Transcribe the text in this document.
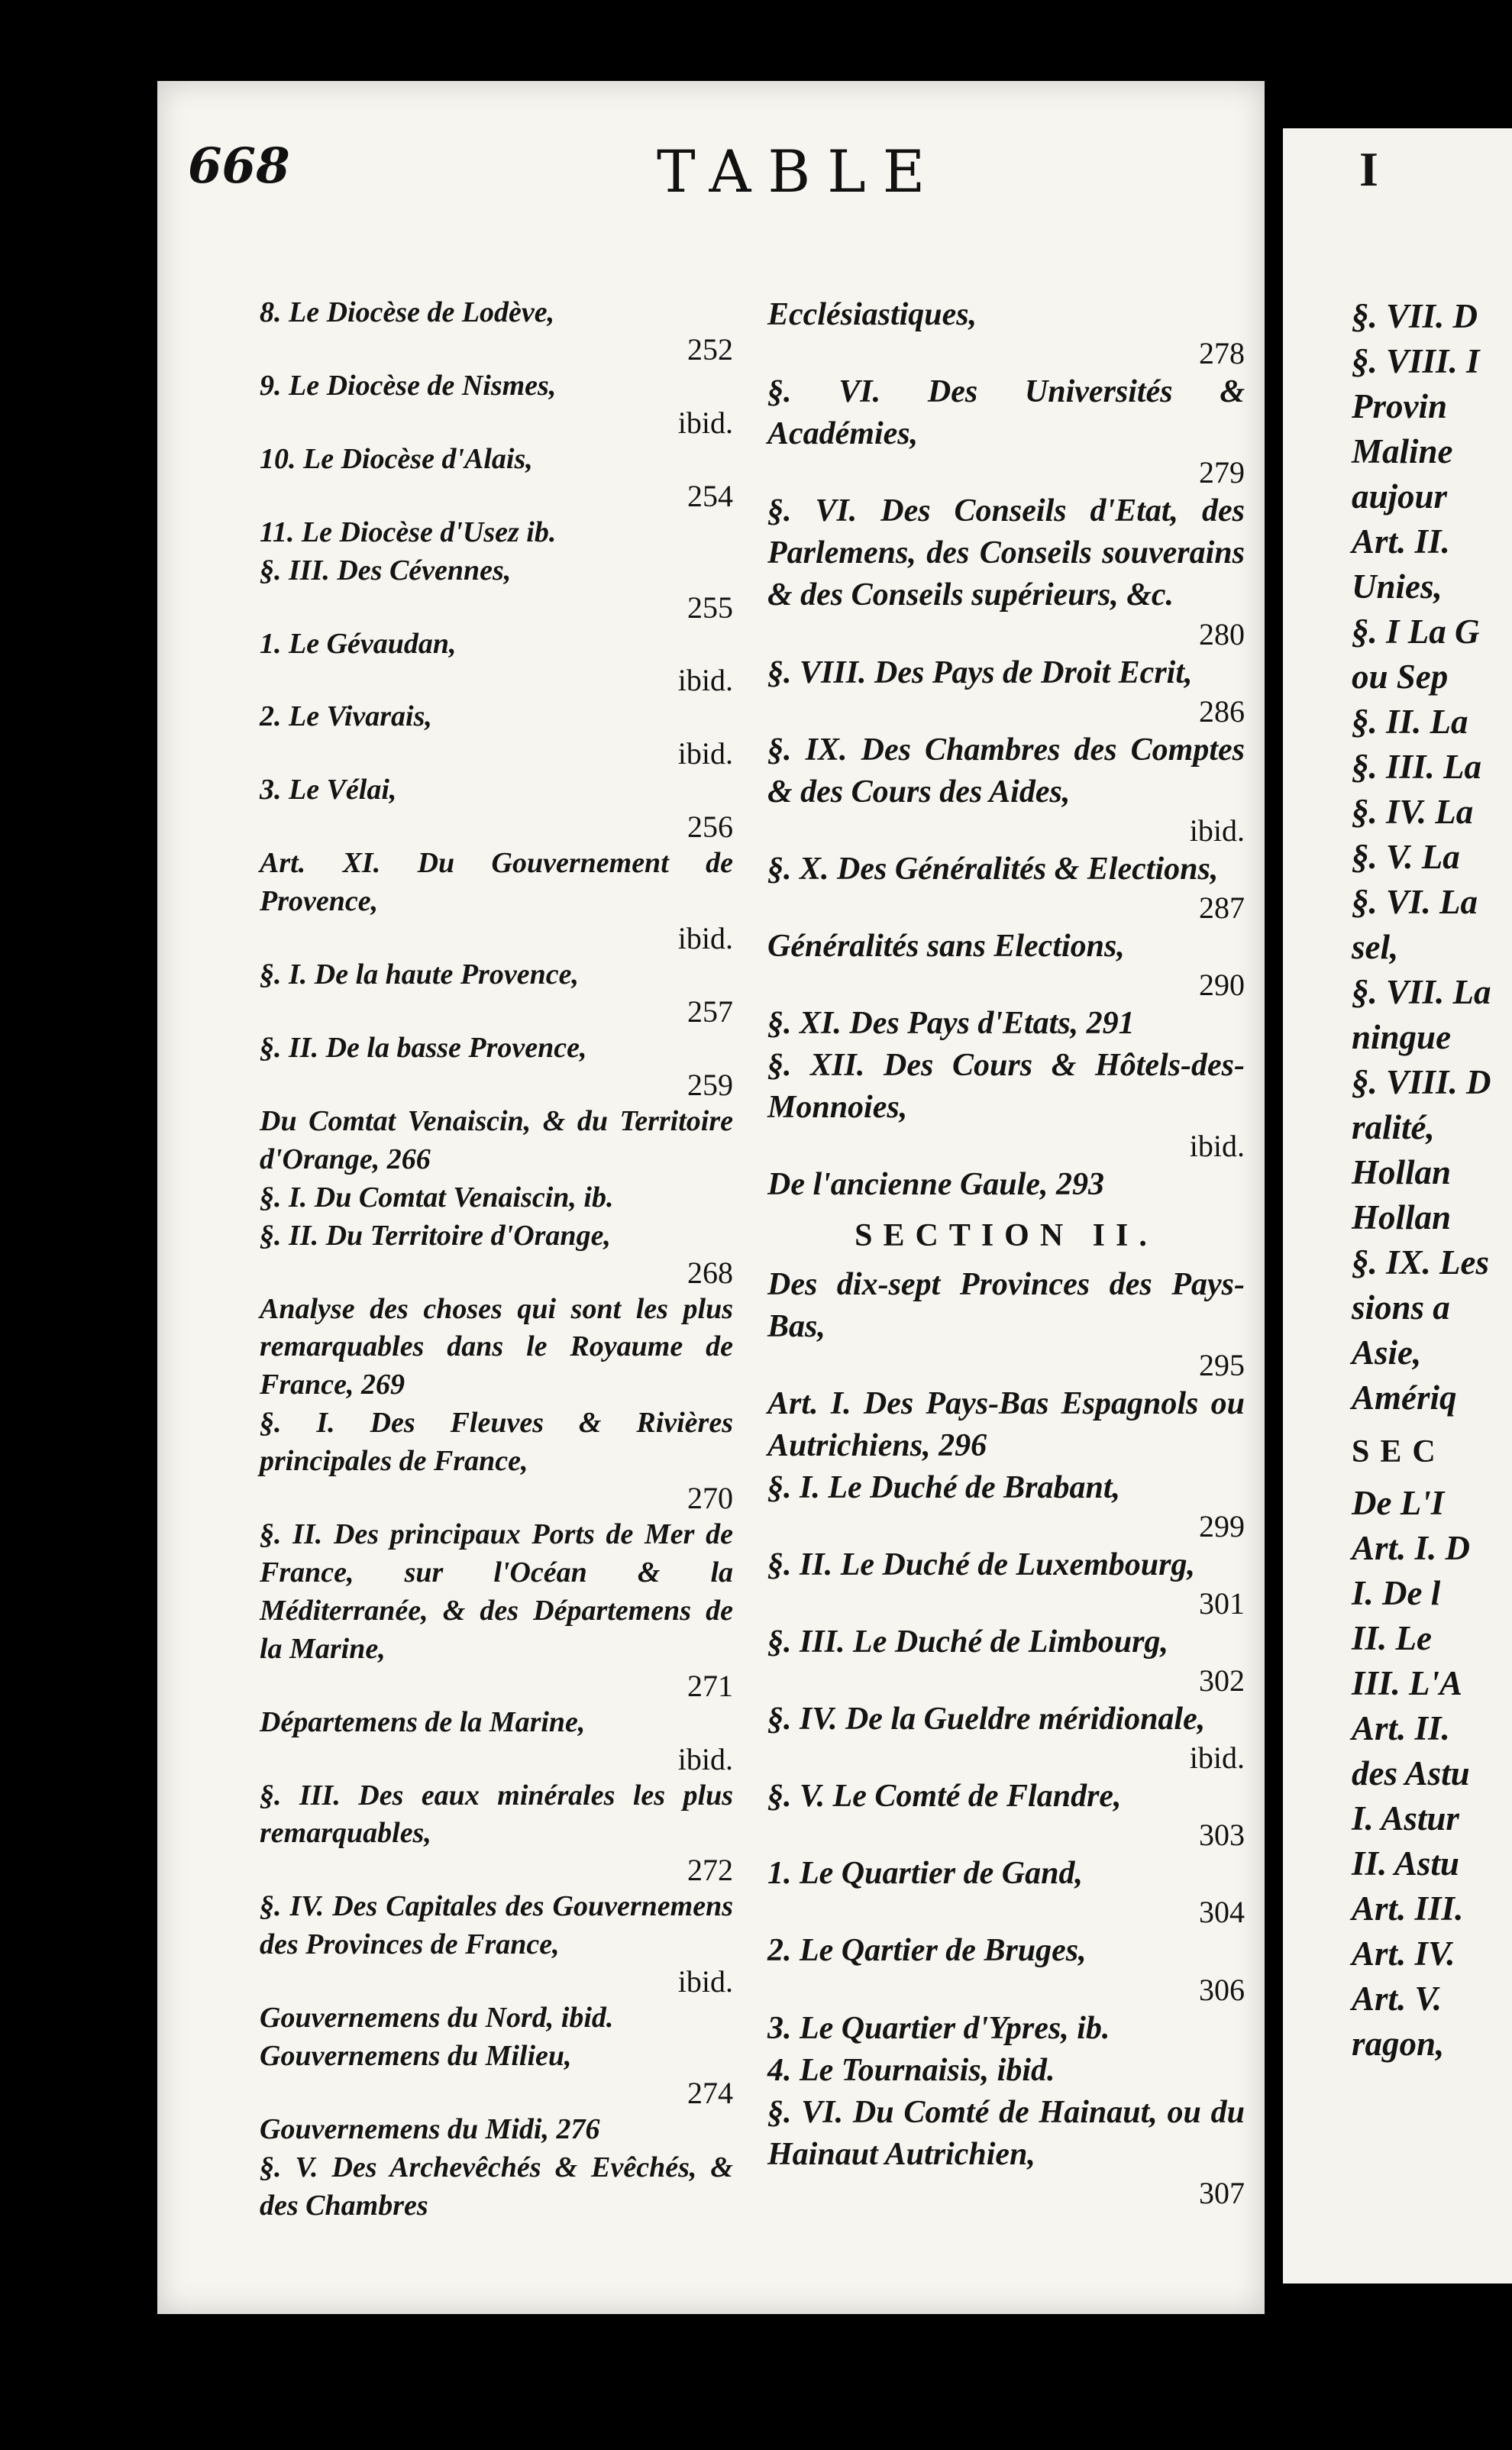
668	TABLE
8. Le Diocèse de Lodève,
252
9. Le Diocèse de Nismes,
ibid.
10. Le Diocèse d'Alais,
254
11. Le Diocèse d'Usez ib.
§. III. Des Cévennes,
255
1. Le Gévaudan,
ibid.
2. Le Vivarais,
ibid.
3. Le Vélai,
256
Art. XI. Du Gouvernement de Provence,
ibid.
§. I. De la haute Provence,
257
§. II. De la basse Provence,
259
Du Comtat Venaiscin, & du Territoire d'Orange, 266
§. I. Du Comtat Venaiscin, ib.
§. II. Du Territoire d'Orange,
268
Analyse des choses qui sont les plus remarquables dans le Royaume de France, 269
§. I. Des Fleuves & Rivières principales de France,
270
§. II. Des principaux Ports de Mer de France, sur l'Océan & la Méditerranée, & des Départemens de la Marine,
271
Départemens de la Marine,
ibid.
§. III. Des eaux minérales les plus remarquables,
272
§. IV. Des Capitales des Gouvernemens des Provinces de France,
ibid.
Gouvernemens du Nord, ibid.
Gouvernemens du Milieu,
274
Gouvernemens du Midi, 276
§. V. Des Archevêchés & Evêchés, & des Chambres
Ecclésiastiques,
278
§. VI. Des Universités & Académies,
279
§. VI. Des Conseils d'Etat, des Parlemens, des Conseils souverains & des Conseils supérieurs, &c.
280
§. VIII. Des Pays de Droit Ecrit,
286
§. IX. Des Chambres des Comptes & des Cours des Aides,
ibid.
§. X. Des Généralités & Elections,
287
Généralités sans Elections,
290
§. XI. Des Pays d'Etats, 291
§. XII. Des Cours & Hôtels-des-Monnoies,
ibid.
De l'ancienne Gaule, 293
SECTION II.
Des dix-sept Provinces des Pays-Bas,
295
Art. I. Des Pays-Bas Espagnols ou Autrichiens, 296
§. I. Le Duché de Brabant,
299
§. II. Le Duché de Luxembourg,
301
§. III. Le Duché de Limbourg,
302
§. IV. De la Gueldre méridionale,
ibid.
§. V. Le Comté de Flandre,
303
1. Le Quartier de Gand,
304
2. Le Qartier de Bruges,
306
3. Le Quartier d'Ypres, ib.
4. Le Tournaisis, ibid.
§. VI. Du Comté de Hainaut, ou du Hainaut Autrichien,
307
I
§. VII. D
§. VIII. I
Provin
Maline
aujour
Art. II.
Unies,
§. I La G
ou Sep
§. II. La
§. III. La
§. IV. La
§. V. La
§. VI. La
sel,
§. VII. La
ningue
§. VIII. D
ralité,
Hollan
Hollan
§. IX. Les
sions a
Asie,
Amériq
SEC
De L'I
Art. I. D
I. De l
II. Le
III. L'A
Art. II.
des Astu
I. Astur
II. Astu
Art. III.
Art. IV.
Art. V.
ragon,
